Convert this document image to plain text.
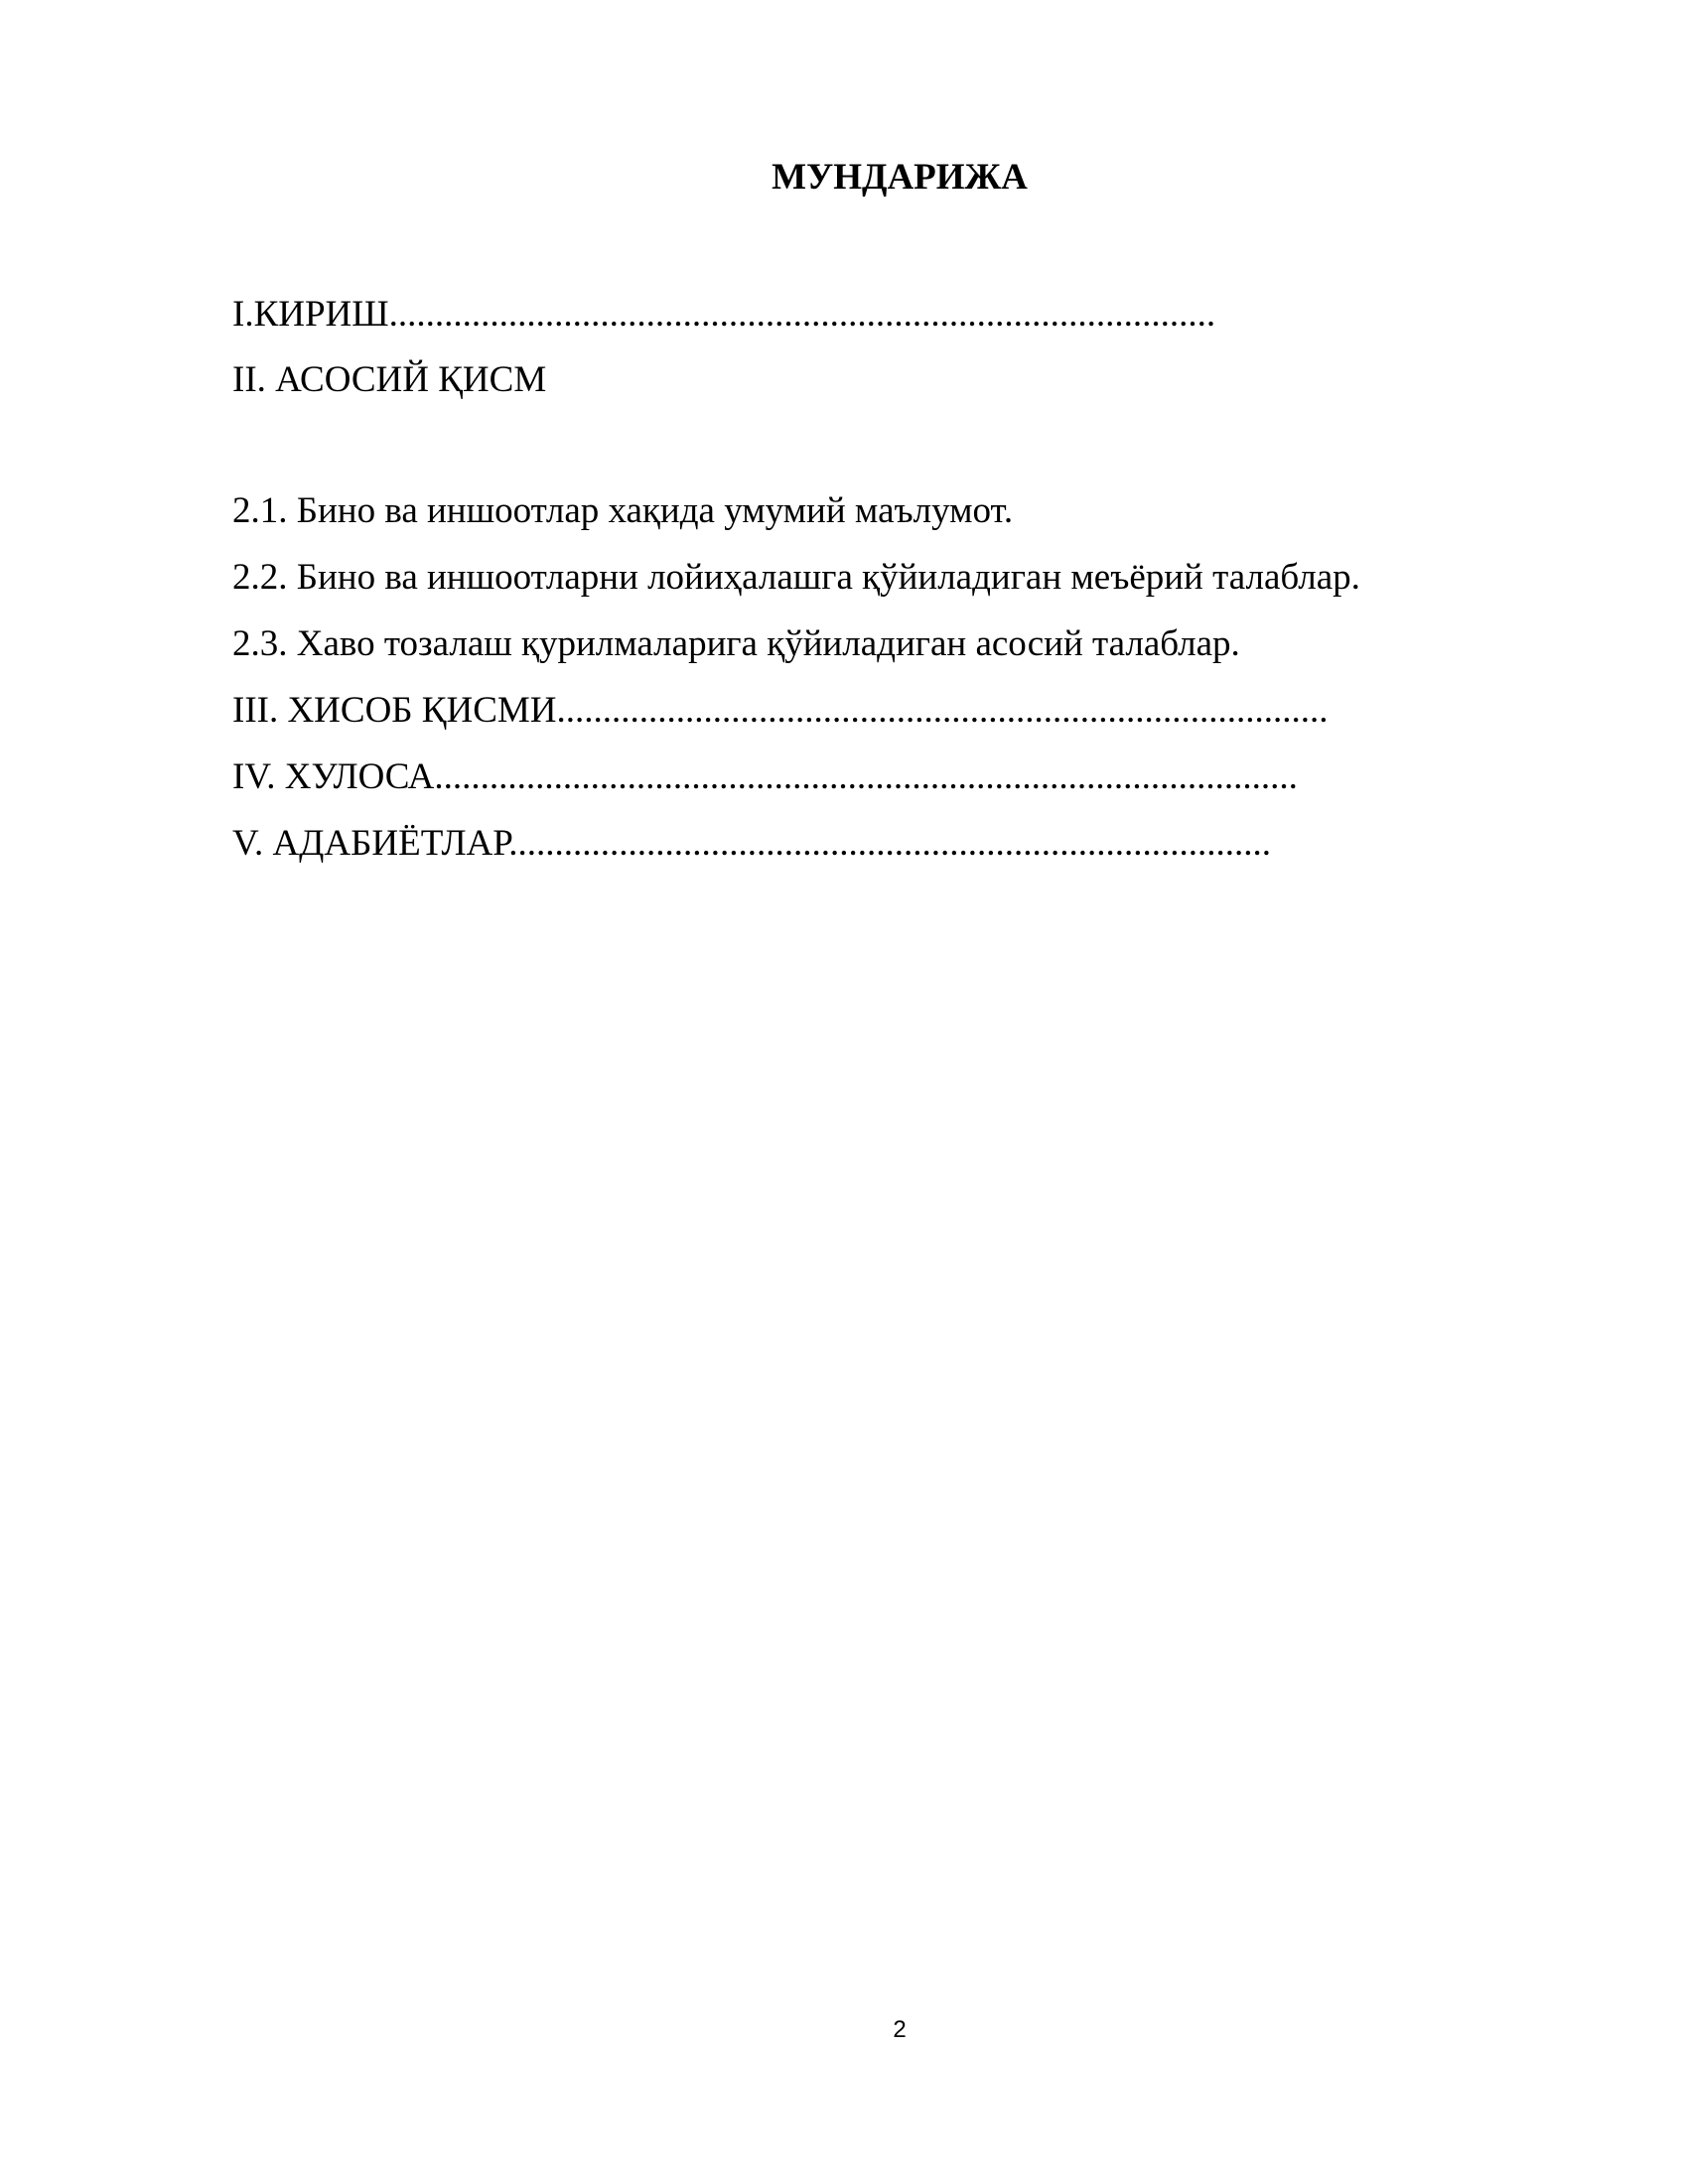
МУНДАРИЖА
I.КИРИШ..........................................................................................
II. АСОСИЙ ҚИСМ
2.1. Бино ва иншоотлар хақида умумий маълумот.
2.2. Бино ва иншоотларни лойиҳалашга қўйиладиган меъёрий талаблар.
2.3. Хаво тозалаш қурилмаларига қўйиладиган асосий талаблар.
III. ХИСОБ ҚИСМИ....................................................................................
IV. ХУЛОСА..............................................................................................
V. АДАБИЁТЛАР...................................................................................
2
